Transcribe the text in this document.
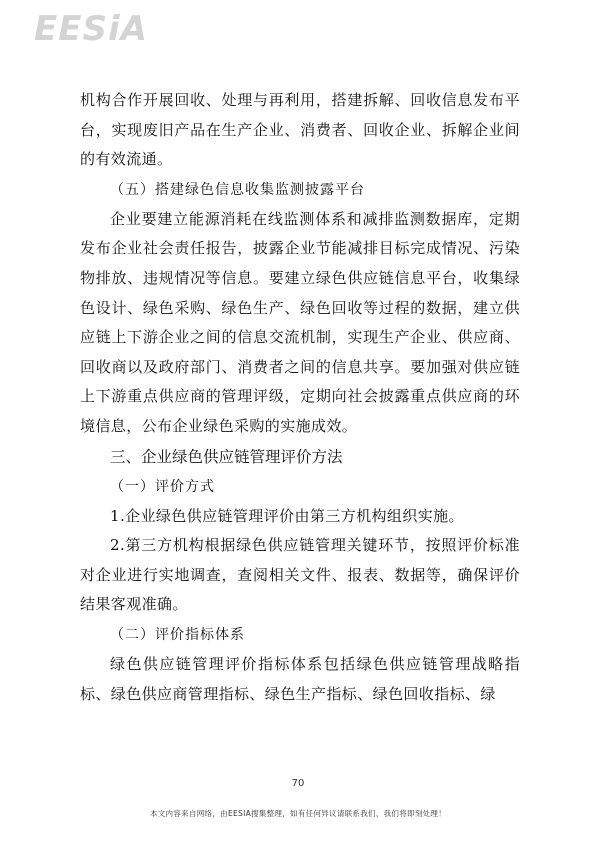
EESiA

机构合作开展回收、处理与再利用，搭建拆解、回收信息发布平台，实现废旧产品在生产企业、消费者、回收企业、拆解企业间的有效流通。

（五）搭建绿色信息收集监测披露平台

企业要建立能源消耗在线监测体系和减排监测数据库，定期发布企业社会责任报告，披露企业节能减排目标完成情况、污染物排放、违规情况等信息。要建立绿色供应链信息平台，收集绿色设计、绿色采购、绿色生产、绿色回收等过程的数据，建立供应链上下游企业之间的信息交流机制，实现生产企业、供应商、回收商以及政府部门、消费者之间的信息共享。要加强对供应链上下游重点供应商的管理评级，定期向社会披露重点供应商的环境信息，公布企业绿色采购的实施成效。

三、企业绿色供应链管理评价方法

（一）评价方式

1.企业绿色供应链管理评价由第三方机构组织实施。

2.第三方机构根据绿色供应链管理关键环节，按照评价标准对企业进行实地调查，查阅相关文件、报表、数据等，确保评价结果客观准确。

（二）评价指标体系

绿色供应链管理评价指标体系包括绿色供应链管理战略指标、绿色供应商管理指标、绿色生产指标、绿色回收指标、绿

70
本文内容来自网络，由EESIA搜集整理，如有任何异议请联系我们，我们将即刻处理！
